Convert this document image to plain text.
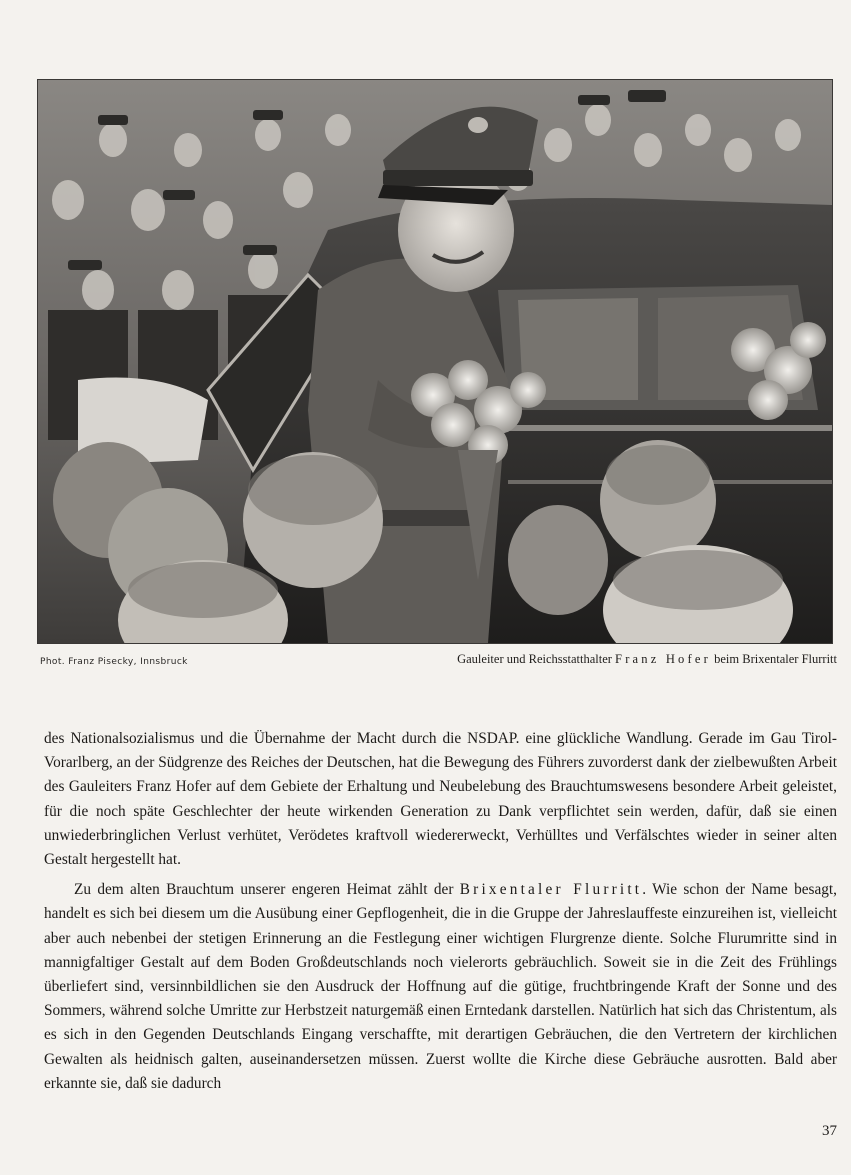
Phot. Franz Pisecky, Innsbruck	Gauleiter und Reichsstatthalter Franz Hofer beim Brixentaler Flurritt

des Nationalsozialismus und die Übernahme der Macht durch die NSDAP. eine glückliche Wandlung. Gerade im Gau Tirol-Vorarlberg, an der Südgrenze des Reiches der Deutschen, hat die Bewegung des Führers zuvorderst dank der zielbewußten Arbeit des Gauleiters Franz Hofer auf dem Gebiete der Erhaltung und Neubelebung des Brauchtumswesens besondere Arbeit geleistet, für die noch späte Geschlechter der heute wirkenden Generation zu Dank verpflichtet sein werden, dafür, daß sie einen unwiederbringlichen Verlust verhütet, Verödetes kraftvoll wiedererweckt, Verhülltes und Verfälschtes wieder in seiner alten Gestalt hergestellt hat.

Zu dem alten Brauchtum unserer engeren Heimat zählt der Brixentaler Flurritt. Wie schon der Name besagt, handelt es sich bei diesem um die Ausübung einer Gepflogenheit, die in die Gruppe der Jahreslauffeste einzureihen ist, vielleicht aber auch nebenbei der stetigen Erinnerung an die Festlegung einer wichtigen Flurgrenze diente. Solche Flurumritte sind in mannigfaltiger Gestalt auf dem Boden Großdeutschlands noch vielerorts gebräuchlich. Soweit sie in die Zeit des Frühlings überliefert sind, versinnbildlichen sie den Ausdruck der Hoffnung auf die gütige, fruchtbringende Kraft der Sonne und des Sommers, während solche Umritte zur Herbstzeit naturgemäß einen Erntedank darstellen. Natürlich hat sich das Christentum, als es sich in den Gegenden Deutschlands Eingang verschaffte, mit derartigen Gebräuchen, die den Vertretern der kirchlichen Gewalten als heidnisch galten, auseinandersetzen müssen. Zuerst wollte die Kirche diese Gebräuche ausrotten. Bald aber erkannte sie, daß sie dadurch

37
